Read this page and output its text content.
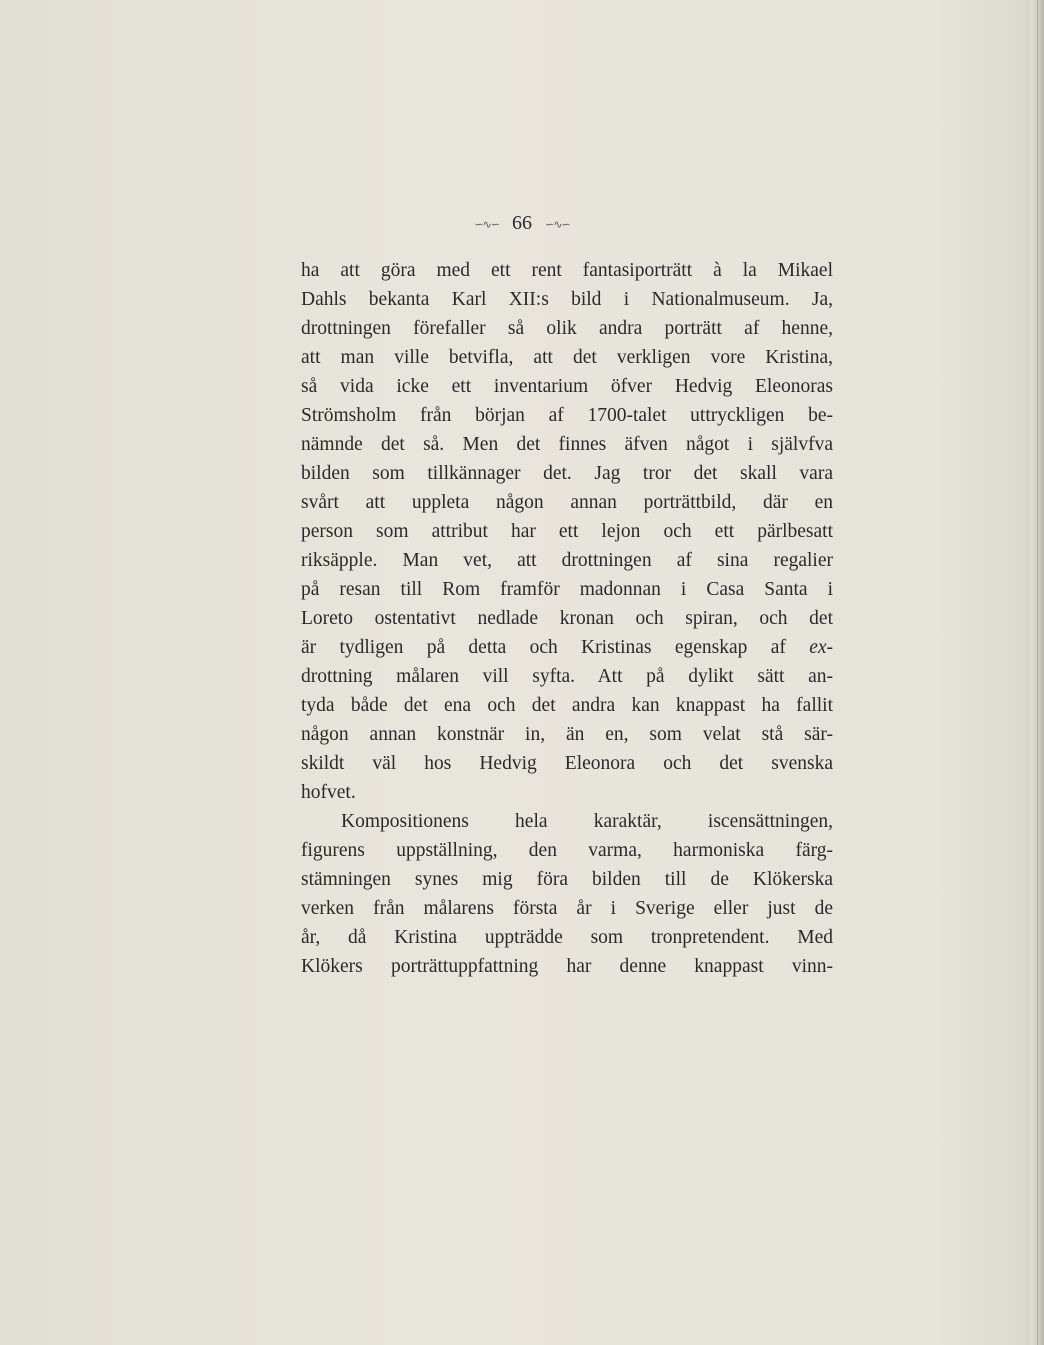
∽∿∽ 66 ∽∿∽
ha att göra med ett rent fantasiporträtt à la Mikael
Dahls bekanta Karl XII:s bild i Nationalmuseum. Ja,
drottningen förefaller så olik andra porträtt af henne,
att man ville betvifla, att det verkligen vore Kristina,
så vida icke ett inventarium öfver Hedvig Eleonoras
Strömsholm från början af 1700-talet uttryckligen be-
nämnde det så. Men det finnes äfven något i självfva
bilden som tillkännager det. Jag tror det skall vara
svårt att uppleta någon annan porträttbild, där en
person som attribut har ett lejon och ett pärlbesatt
riksäpple. Man vet, att drottningen af sina regalier
på resan till Rom framför madonnan i Casa Santa i
Loreto ostentativt nedlade kronan och spiran, och det
är tydligen på detta och Kristinas egenskap af ex-
drottning målaren vill syfta. Att på dylikt sätt an-
tyda både det ena och det andra kan knappast ha fallit
någon annan konstnär in, än en, som velat stå sär-
skildt väl hos Hedvig Eleonora och det svenska
hofvet.
Kompositionens hela karaktär, iscensättningen,
figurens uppställning, den varma, harmoniska färg-
stämningen synes mig föra bilden till de Klökerska
verken från målarens första år i Sverige eller just de
år, då Kristina uppträdde som tronpretendent. Med
Klökers porträttuppfattning har denne knappast vinn-
